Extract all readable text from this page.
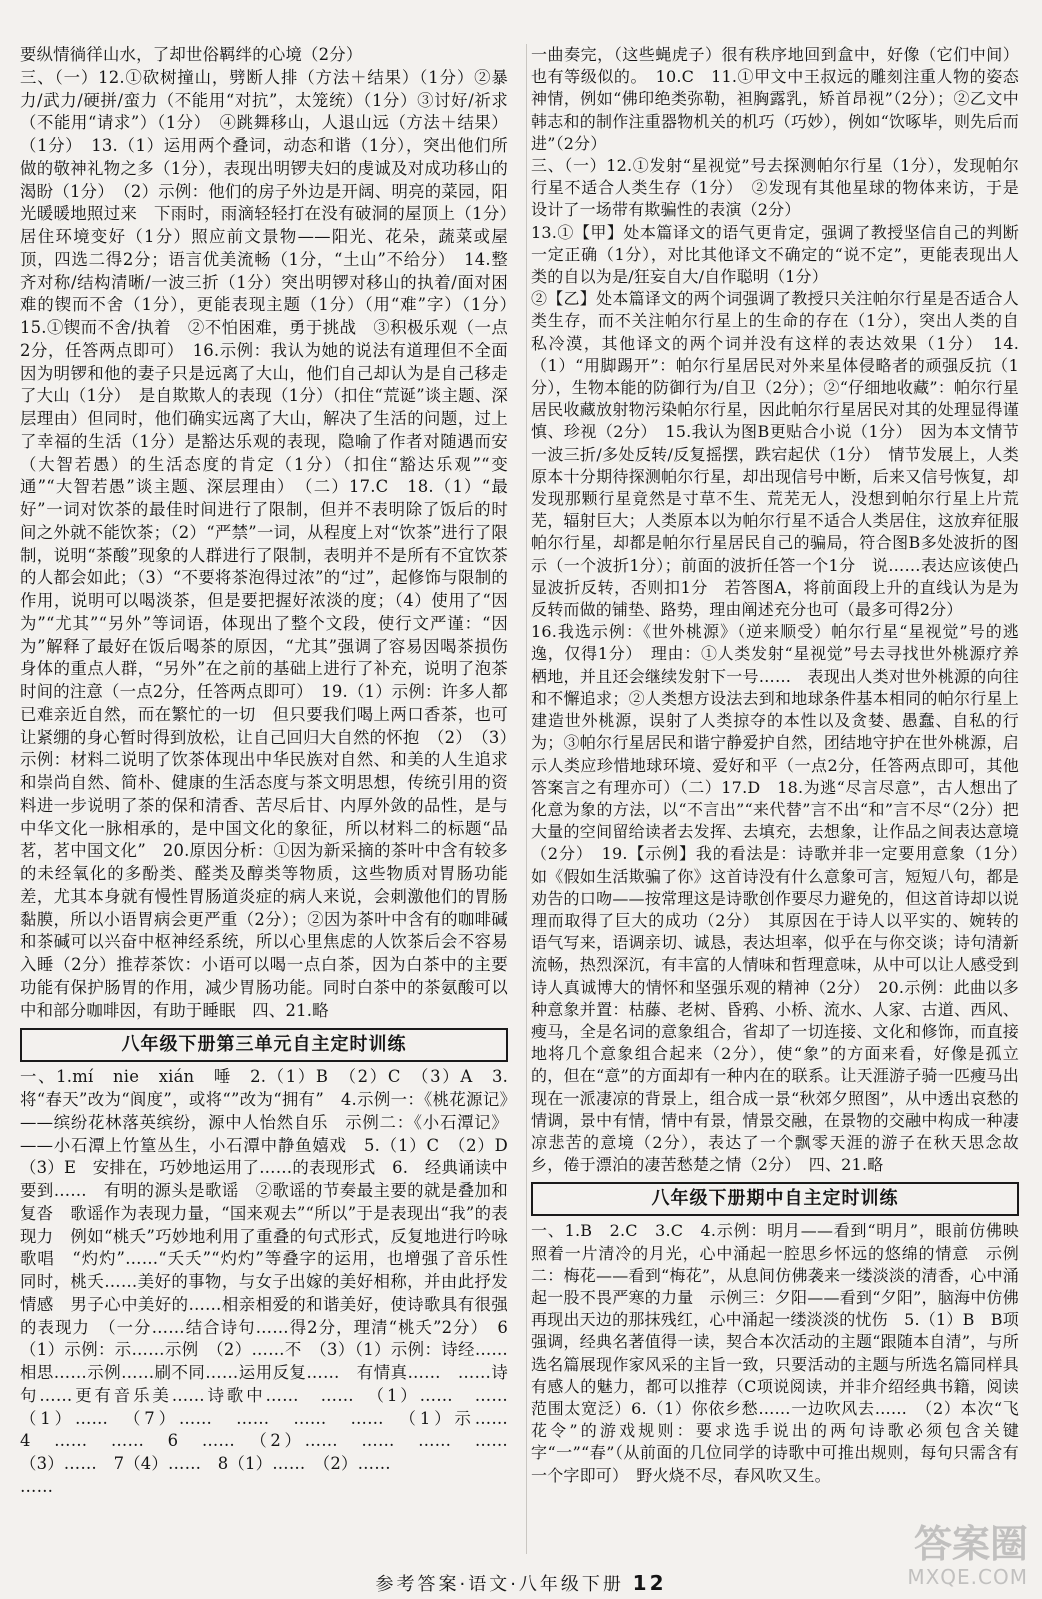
要纵情徜徉山水，了却世俗羁绊的心境（2分）

三、（一）12.①砍树撞山，劈断人排（方法＋结果）（1分）②暴力/武力/硬拼/蛮力（不能用“对抗”，太笼统）（1分）③讨好/祈求（不能用“请求”）（1分）　④跳舞移山，人退山远（方法＋结果）（1分）　13.（1）运用两个叠词，动态和谐（1分），突出他们所做的敬神礼物之多（1分），表现出明锣夫妇的虔诚及对成功移山的渴盼（1分）　（2）示例：他们的房子外边是开阔、明亮的菜园，阳光暖暖地照过来　下雨时，雨滴轻轻打在没有破洞的屋顶上（1分）居住环境变好（1分）照应前文景物——阳光、花朵，蔬菜或屋顶，四选二得2分；语言优美流畅（1分，“土山”不给分）　14.整齐对称/结构清晰/一波三折（1分）突出明锣对移山的执着/面对困难的锲而不舍（1分），更能表现主题（1分）（用“难”字）（1分）　15.①锲而不舍/执着　②不怕困难，勇于挑战　③积极乐观（一点2分，任答两点即可）　16.示例：我认为她的说法有道理但不全面　因为明锣和他的妻子只是远离了大山，他们自己却认为是自己移走了大山（1分）　是自欺欺人的表现（1分）（扣住“荒诞”谈主题、深层理由）但同时，他们确实远离了大山，解决了生活的问题，过上了幸福的生活（1分）是豁达乐观的表现，隐喻了作者对随遇而安（大智若愚）的生活态度的肯定（1分）（扣住“豁达乐观”“变通”“大智若愚”谈主题、深层理由）　（二）17.C　18.（1）“最好”一词对饮茶的最佳时间进行了限制，但并不表明除了饭后的时间之外就不能饮茶；（2）“严禁”一词，从程度上对“饮茶”进行了限制，说明“茶酸”现象的人群进行了限制，表明并不是所有不宜饮茶的人都会如此；（3）“不要将茶泡得过浓”的“过”，起修饰与限制的作用，说明可以喝淡茶，但是要把握好浓淡的度；（4）使用了“因为”“尤其”“另外”等词语，体现出了整个文段，使行文严谨：“因为”解释了最好在饭后喝茶的原因，“尤其”强调了容易因喝茶损伤身体的重点人群，“另外”在之前的基础上进行了补充，说明了泡茶时间的注意（一点2分，任答两点即可）　19.（1）示例：许多人都已难亲近自然，而在繁忙的一切　但只要我们喝上两口香茶，也可让紧绷的身心暂时得到放松，让自己回归大自然的怀抱　（2）　（3）示例：材料二说明了饮茶体现出中华民族对自然、和美的人生追求和崇尚自然、简朴、健康的生活态度与茶文明思想，传统引用的资料进一步说明了茶的保和清香、苦尽后甘、内厚外敛的品性，是与中华文化一脉相承的，是中国文化的象征，所以材料二的标题“品茗，茗中国文化”　20.原因分析：①因为新采摘的茶叶中含有较多的未经氧化的多酚类、醛类及醇类等物质，这些物质对胃肠功能差，尤其本身就有慢性胃肠道炎症的病人来说，会刺激他们的胃肠黏膜，所以小语胃病会更严重（2分）；②因为茶叶中含有的咖啡碱和茶碱可以兴奋中枢神经系统，所以心里焦虑的人饮茶后会不容易入睡（2分）推荐茶饮：小语可以喝一点白茶，因为白茶中的主要功能有保护肠胃的作用，减少胃肠功能。同时白茶中的茶氨酸可以中和部分咖啡因，有助于睡眠　四、21.略

八年级下册第三单元自主定时训练

一、1.mí　nie　xián　唾　2.（1）B　（2）C　（3）A　3.将“春天”改为“阆度”，或将“”改为“拥有”　4.示例一：《桃花源记》——缤纷花林落英缤纷，源中人怡然自乐　示例二：《小石潭记》——小石潭上竹篁丛生，小石潭中静鱼嬉戏　5.（1）C　（2）D　（3）E　安排在，巧妙地运用了……的表现形式　6.　经典诵读中要到……　有明的源头是歌谣　②歌谣的节奏最主要的就是叠加和复沓　歌谣作为表现力量，“国来观去”“所以”于是表现出“我”的表现力　例如“桃夭”巧妙地利用了重叠的句式形式，反复地进行吟咏歌唱　“灼灼”……“夭夭”“灼灼”等叠字的运用，也增强了音乐性　同时，桃夭……美好的事物，与女子出嫁的美好相称，并由此抒发情感　男子心中美好的……相亲相爱的和谐美好，使诗歌具有很强的表现力　（一分……结合诗句……得2分，理清“桃夭”2分）　6（1）示例：示……示例　（2）……不　（3）（1）示例：诗经……相思……示例……刷不同……运用反复……　有情真……　……诗句……更有音乐美……诗歌中……　……　（1）……　……　（1）……　（7）……　……　……　……　（1）示……　4　……　……　6　……　（2）……　……　……　……　（3）……　7（4）……　8（1）……　（2）……　

……

一曲奏完，（这些蝇虎子）很有秩序地回到盒中，好像（它们中间）也有等级似的。　10.C　11.①甲文中王叔远的雕刻注重人物的姿态神情，例如“佛印绝类弥勒，袒胸露乳，矫首昂视”（2分）；②乙文中韩志和的制作注重器物机关的机巧（巧妙），例如“饮啄毕，则先后而进”（2分）

三、（一）12.①发射“星视觉”号去探测帕尔行星（1分），发现帕尔行星不适合人类生存（1分）　②发现有其他星球的物体来访，于是设计了一场带有欺骗性的表演（2分）

13.①【甲】处本篇译文的语气更肯定，强调了教授坚信自己的判断一定正确（1分），对比其他译文不确定的“说不定”，更能表现出人类的自以为是/狂妄自大/自作聪明（1分）

②【乙】处本篇译文的两个词强调了教授只关注帕尔行星是否适合人类生存，而不关注帕尔行星上的生命的存在（1分），突出人类的自私冷漠，其他译文的两个词并没有这样的表达效果（1分）　14.（1）“用脚踢开”：帕尔行星居民对外来星体侵略者的顽强反抗（1分），生物本能的防御行为/自卫（2分）；②“仔细地收藏”：帕尔行星居民收藏放射物污染帕尔行星，因此帕尔行星居民对其的处理显得谨慎、珍视（2分）　15.我认为图B更贴合小说（1分）　因为本文情节一波三折/多处反转/反复摇摆，跌宕起伏（1分）　情节发展上，人类原本十分期待探测帕尔行星，却出现信号中断，后来又信号恢复，却发现那颗行星竟然是寸草不生、荒芜无人，没想到帕尔行星上片荒芜，辐射巨大；人类原本以为帕尔行星不适合人类居住，这放弃征服帕尔行星，却都是帕尔行星居民自己的骗局，符合图B多处波折的图示（一个波折1分）；前面的波折任答一个1分　说……表达应该使凸显波折反转，否则扣1分　若答图A，将前面段上升的直线认为是为反转而做的铺垫、路势，理由阐述充分也可（最多可得2分）

16.我选示例：《世外桃源》（逆来顺受）帕尔行星“星视觉”号的逃逸，仅得1分）　理由：①人类发射“星视觉”号去寻找世外桃源疗养栖地，并且还会继续发射下一号……　表现出人类对世外桃源的向往和不懈追求；②人类想方设法去到和地球条件基本相同的帕尔行星上建造世外桃源，误射了人类掠夺的本性以及贪婪、愚蠢、自私的行为；③帕尔行星居民和谐宁静爱护自然，团结地守护在世外桃源，启示人类应珍惜地球环境、爱好和平（一点2分，任答两点即可，其他答案言之有理亦可）（二）17.D　18.为逃“尽言尽意”，古人想出了化意为象的方法，以“不言出”“来代替”言不出“和”言不尽“（2分）把大量的空间留给读者去发挥、去填充，去想象，让作品之间表达意境（2分）　19.【示例】我的看法是：诗歌并非一定要用意象（1分）　如《假如生活欺骗了你》这首诗没有什么意象可言，短短八句，都是劝告的口吻——按常理这是诗歌创作要尽力避免的，但这首诗却以说理而取得了巨大的成功（2分）　其原因在于诗人以平实的、婉转的语气写来，语调亲切、诚恳，表达坦率，似乎在与你交谈；诗句清新流畅，热烈深沉，有丰富的人情味和哲理意味，从中可以让人感受到诗人真诚博大的情怀和坚强乐观的精神（2分）　20.示例：此曲以多种意象并置：枯藤、老树、昏鸦、小桥、流水、人家、古道、西风、瘦马，全是名词的意象组合，省却了一切连接、文化和修饰，而直接地将几个意象组合起来（2分），使“象”的方面来看，好像是孤立的，但在“意”的方面却有一种内在的联系。让天涯游子骑一匹瘦马出现在一派凄凉的背景上，组合成一景“秋郊夕照图”，从中透出哀愁的情调，景中有情，情中有景，情景交融，在景物的交融中构成一种凄凉悲苦的意境（2分），表达了一个飘零天涯的游子在秋天思念故乡，倦于漂泊的凄苦愁楚之情（2分）　四、21.略

八年级下册期中自主定时训练

一、1.B　2.C　3.C　4.示例：明月——看到“明月”，眼前仿佛映照着一片清冷的月光，心中涌起一腔思乡怀远的悠绵的情意　示例二：梅花——看到“梅花”，从息间仿佛袭来一缕淡淡的清香，心中涌起一股不畏严寒的力量　示例三：夕阳——看到“夕阳”，脑海中仿佛再现出天边的那抹残红，心中涌起一缕淡淡的忧伤　5.（1）B　B项强调，经典名著值得一读，契合本次活动的主题“跟随本自清”，与所选名篇展现作家风采的主旨一致，只要活动的主题与所选名篇同样具有感人的魅力，都可以推荐（C项说阅读，并非介绍经典书籍，阅读范围太宽泛）6.（1）你依乡愁……一边吹风去……　（2）本次“飞花令”的游戏规则：要求选手说出的两句诗歌必须包含关键字“一”“春”（从前面的几位同学的诗歌中可推出规则，每句只需含有一个字即可）　野火烧不尽，春风吹又生。

参考答案·语文·八年级下册 12
答案圈
MXQE.COM
